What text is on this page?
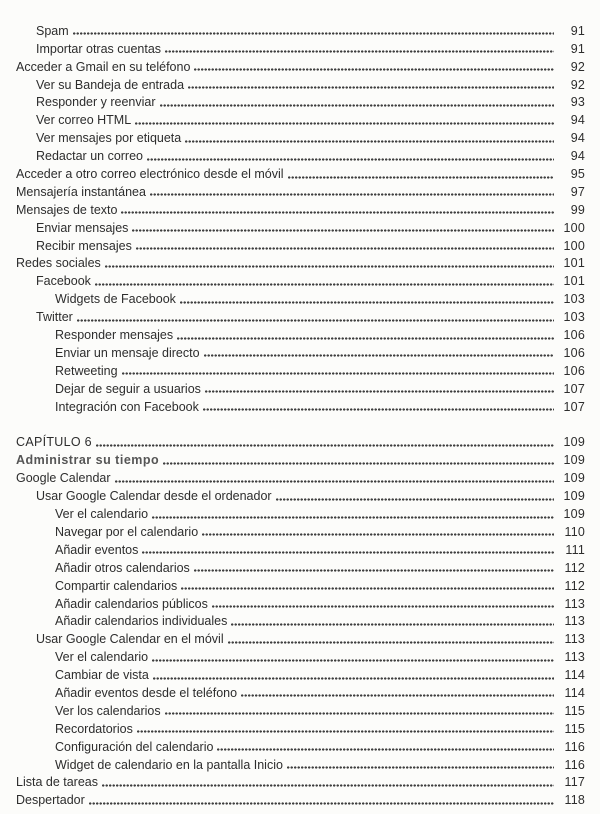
Spam	91
Importar otras cuentas	91
Acceder a Gmail en su teléfono	92
Ver su Bandeja de entrada	92
Responder y reenviar	93
Ver correo HTML	94
Ver mensajes por etiqueta	94
Redactar un correo	94
Acceder a otro correo electrónico desde el móvil	95
Mensajería instantánea	97
Mensajes de texto	99
Enviar mensajes	100
Recibir mensajes	100
Redes sociales	101
Facebook	101
Widgets de Facebook	103
Twitter	103
Responder mensajes	106
Enviar un mensaje directo	106
Retweeting	106
Dejar de seguir a usuarios	107
Integración con Facebook	107
CAPÍTULO 6	109
Administrar su tiempo	109
Google Calendar	109
Usar Google Calendar desde el ordenador	109
Ver el calendario	109
Navegar por el calendario	110
Añadir eventos	111
Añadir otros calendarios	112
Compartir calendarios	112
Añadir calendarios públicos	113
Añadir calendarios individuales	113
Usar Google Calendar en el móvil	113
Ver el calendario	113
Cambiar de vista	114
Añadir eventos desde el teléfono	114
Ver los calendarios	115
Recordatorios	115
Configuración del calendario	116
Widget de calendario en la pantalla Inicio	116
Lista de tareas	117
Despertador	118
